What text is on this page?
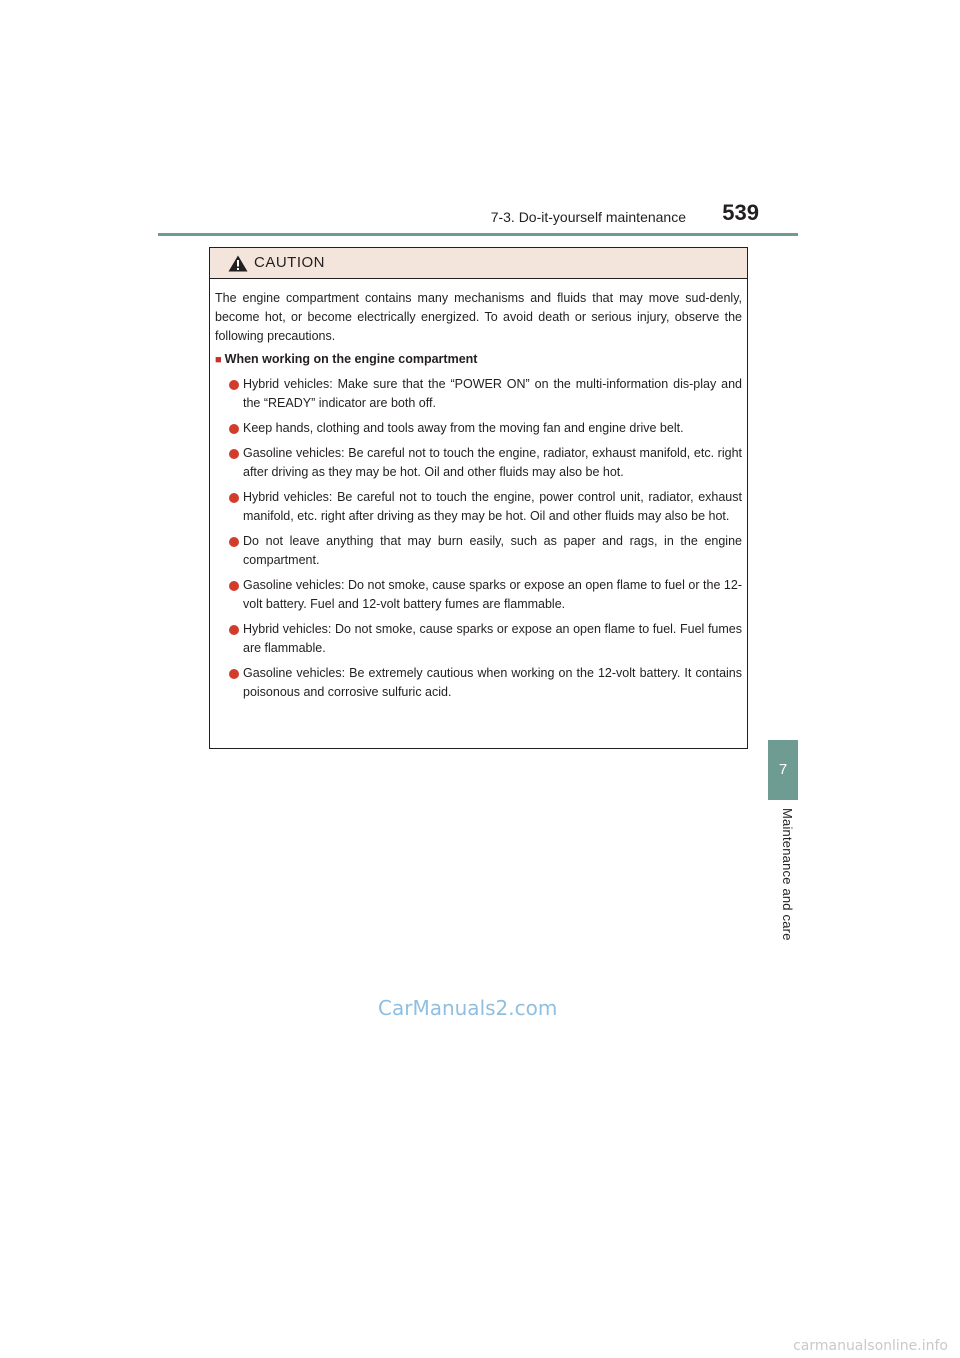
7-3. Do-it-yourself maintenance 539
7
Maintenance and care
CAUTION

The engine compartment contains many mechanisms and fluids that may move sud-denly, become hot, or become electrically energized. To avoid death or serious injury, observe the following precautions.

■ When working on the engine compartment

Hybrid vehicles: Make sure that the “POWER ON” on the multi-information dis-play and the “READY” indicator are both off.
Keep hands, clothing and tools away from the moving fan and engine drive belt.
Gasoline vehicles: Be careful not to touch the engine, radiator, exhaust manifold, etc. right after driving as they may be hot. Oil and other fluids may also be hot.
Hybrid vehicles: Be careful not to touch the engine, power control unit, radiator, exhaust manifold, etc. right after driving as they may be hot. Oil and other fluids may also be hot.
Do not leave anything that may burn easily, such as paper and rags, in the engine compartment.
Gasoline vehicles: Do not smoke, cause sparks or expose an open flame to fuel or the 12-volt battery. Fuel and 12-volt battery fumes are flammable.
Hybrid vehicles: Do not smoke, cause sparks or expose an open flame to fuel. Fuel fumes are flammable.
Gasoline vehicles: Be extremely cautious when working on the 12-volt battery. It contains poisonous and corrosive sulfuric acid.
CarManuals2.com
carmanualsonline.info
